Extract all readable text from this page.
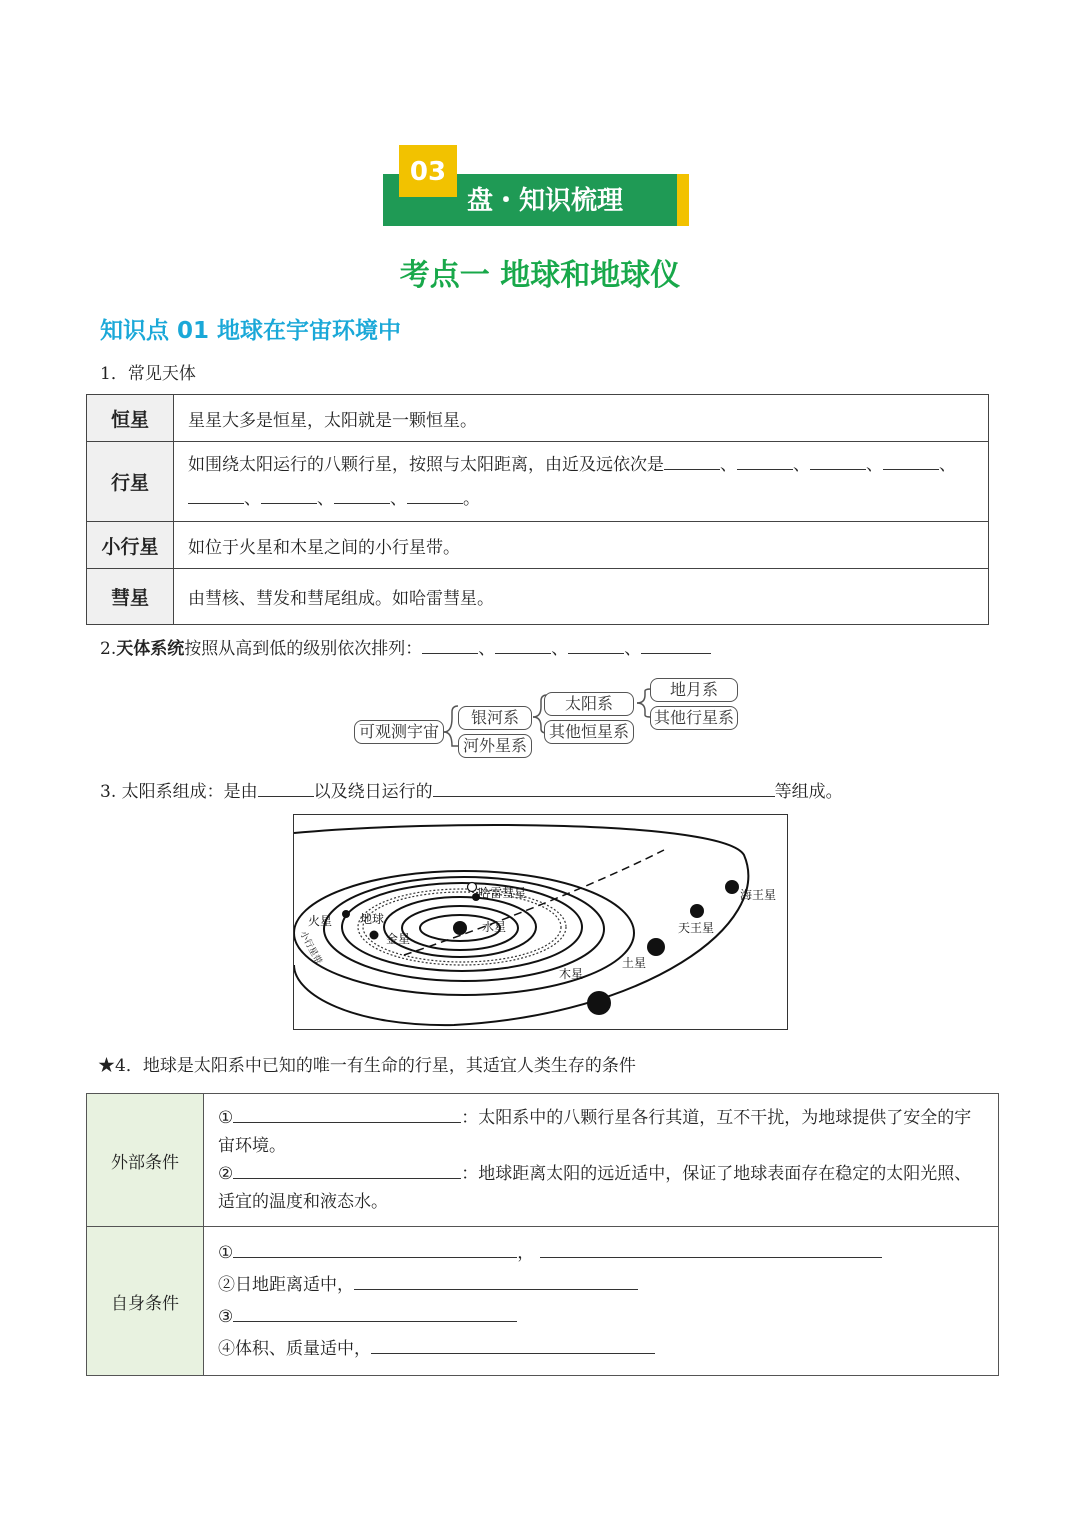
03
盘・知识梳理
考点一 地球和地球仪
知识点 01 地球在宇宙环境中
1．常见天体
恒星	星星大多是恒星，太阳就是一颗恒星。
行星	如围绕太阳运行的八颗行星，按照与太阳距离，由近及远依次是 、 、 、 、
、 、 、 。
小行星	如位于火星和木星之间的小行星带。
彗星	由彗核、彗发和彗尾组成。如哈雷彗星。
2.天体系统按照从高到低的级别依次排列：	、	、	、
可观测宇宙
银河系
河外星系
太阳系
其他恒星系
地月系
其他行星系
3. 太阳系组成：是由	以及绕日运行的	等组成。
哈雷彗星
火星 地球
金星
水星
木星
土星
天王星
海王星
小行星带
★4．地球是太阳系中已知的唯一有生命的行星，其适宜人类生存的条件
外部条件	① ：太阳系中的八颗行星各行其道，互不干扰，为地球提供了安全的宇宙环境。
② ：地球距离太阳的远近适中，保证了地球表面存在稳定的太阳光照、适宜的温度和液态水。
自身条件	① ，
②日地距离适中，
③
④体积、质量适中，
